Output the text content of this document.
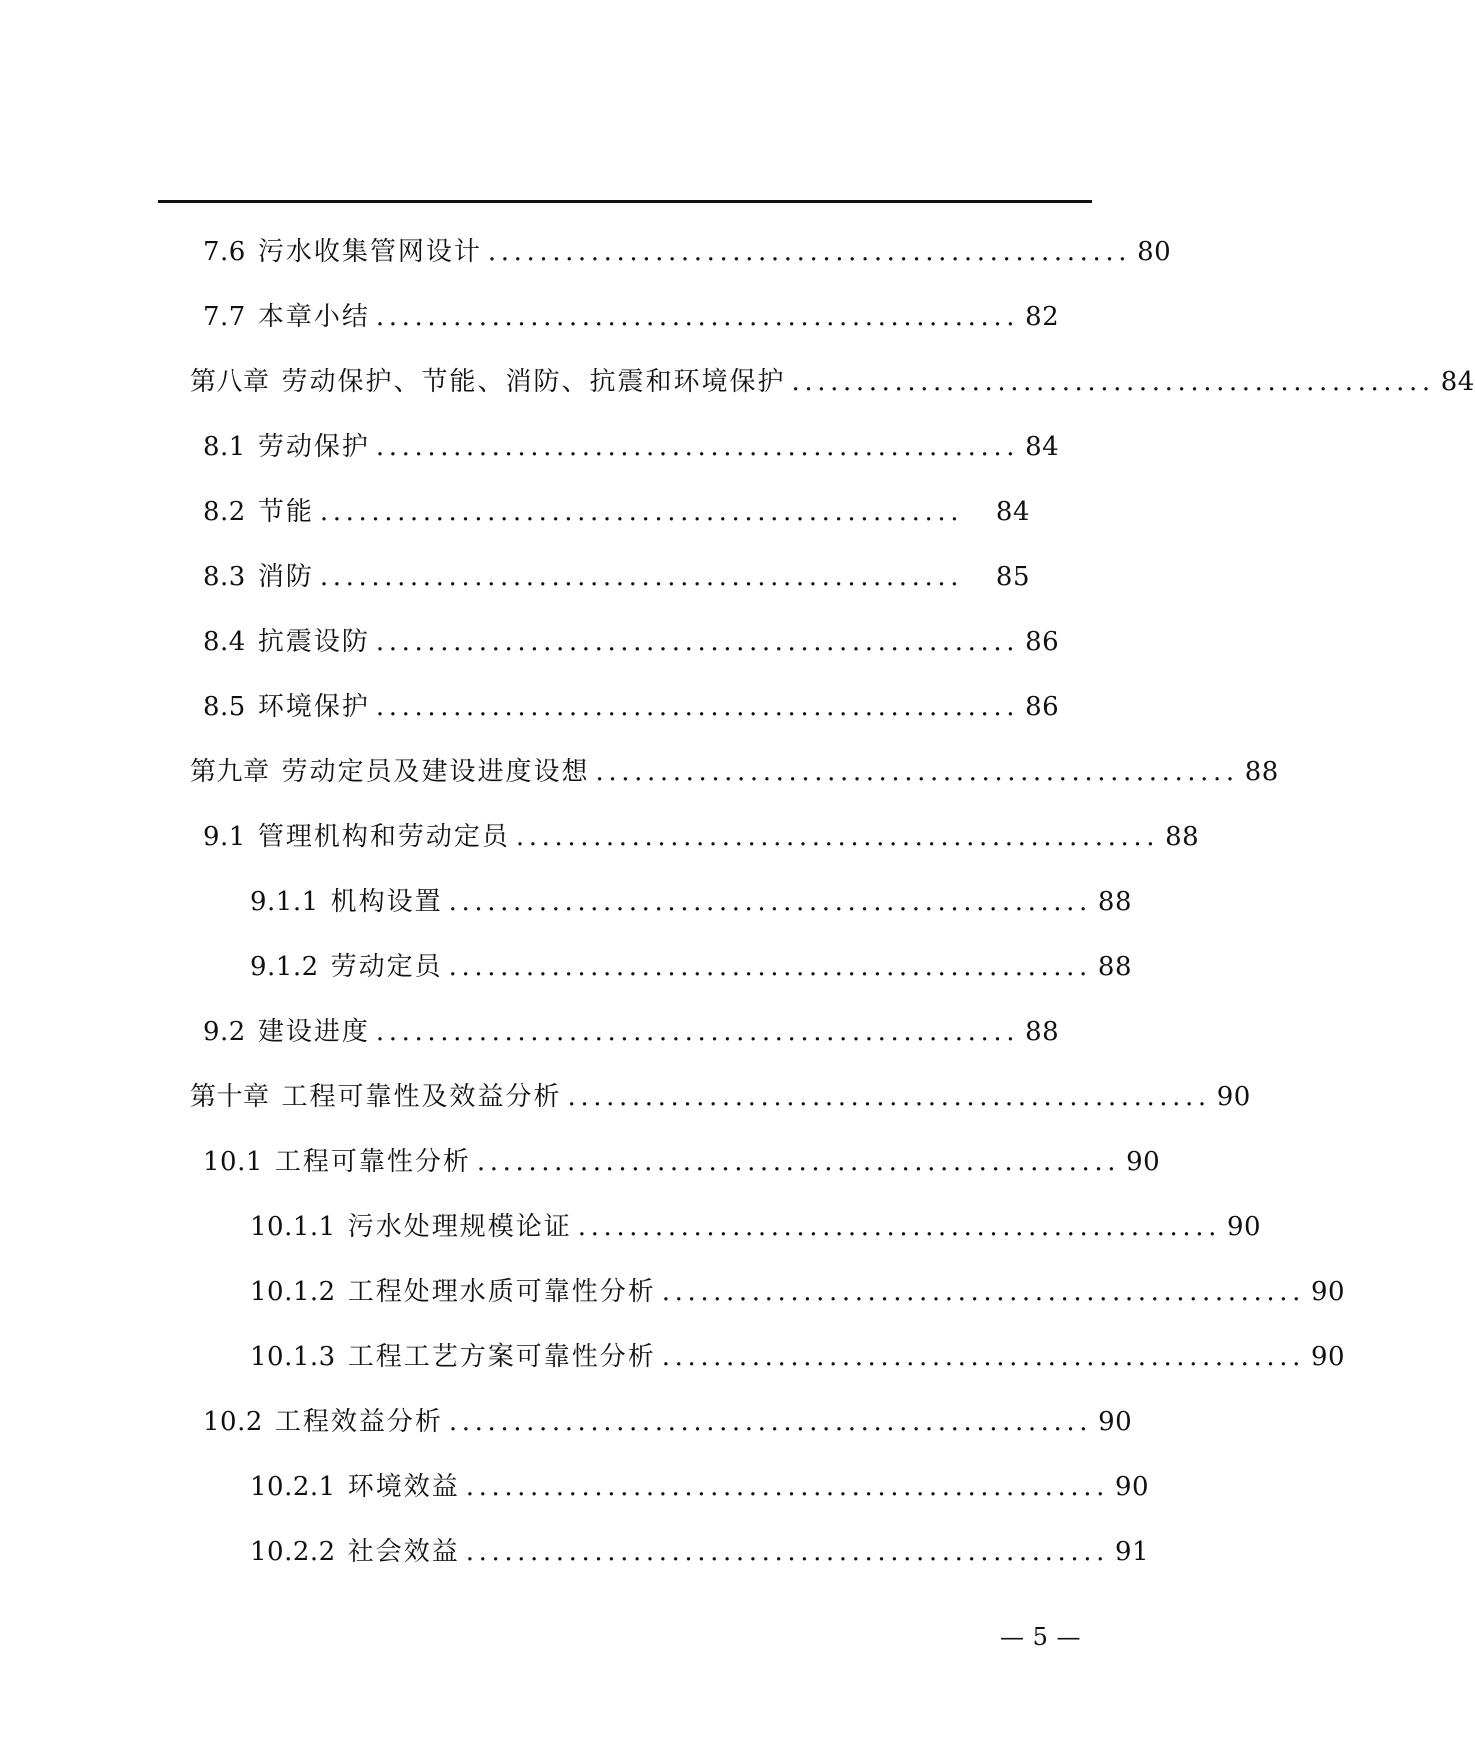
7.6 污水收集管网设计 .................................................. 80
7.7 本章小结 .................................................. 82
第八章 劳动保护、节能、消防、抗震和环境保护 .................................................. 84
8.1 劳动保护 .................................................. 84
8.2 节能 ..................................................	84
8.3 消防 ..................................................	85
8.4 抗震设防 .................................................. 86
8.5 环境保护 .................................................. 86
第九章 劳动定员及建设进度设想 .................................................. 88
9.1 管理机构和劳动定员 .................................................. 88
9.1.1 机构设置 .................................................. 88
9.1.2 劳动定员 .................................................. 88
9.2 建设进度 .................................................. 88
第十章 工程可靠性及效益分析 .................................................. 90
10.1 工程可靠性分析 .................................................. 90
10.1.1 污水处理规模论证 .................................................. 90
10.1.2 工程处理水质可靠性分析 .................................................. 90
10.1.3 工程工艺方案可靠性分析 .................................................. 90
10.2 工程效益分析 .................................................. 90
10.2.1 环境效益 .................................................. 90
10.2.2 社会效益 .................................................. 91
— 5 —
